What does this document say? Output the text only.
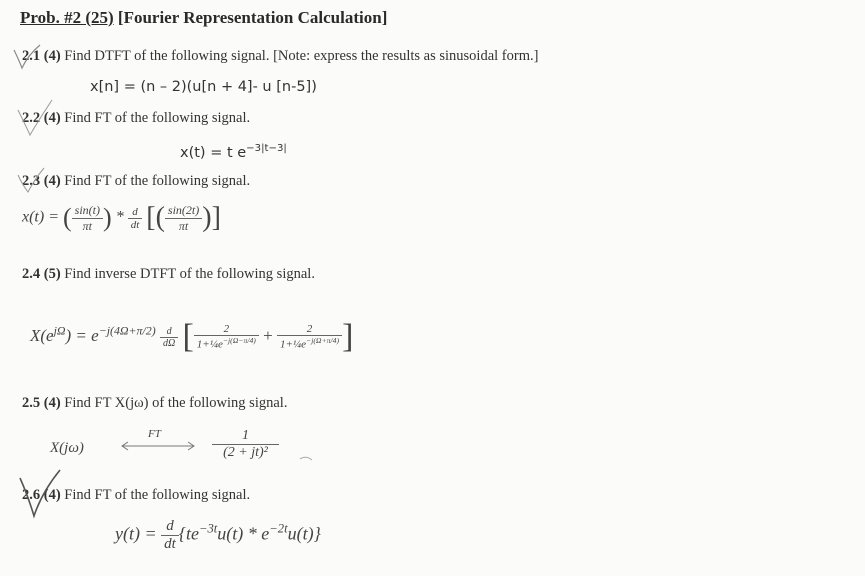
Prob. #2 (25) [Fourier Representation Calculation]
2.1 (4) Find DTFT of the following signal. [Note: express the results as sinusoidal form.]
x[n] = (n – 2)(u[n + 4]- u [n-5])
2.2 (4) Find FT of the following signal.
x(t) = t $e^{-3|t-3|}$
2.3 (4) Find FT of the following signal.
x(t) = ( $\frac{\sin(t)}{\pi t}$ ) * $\frac{d}{dt}$ [( $\frac{\sin(2t)}{\pi t}$ )]
2.4 (5) Find inverse DTFT of the following signal.
$X(e^{j\Omega}) = e^{-j(4\Omega+\pi/2)} \frac{d}{d\Omega}$ [ $\frac{2}{1+\frac{1}{4}e^{-j(\Omega-\pi/4)}} + \frac{2}{1+\frac{1}{4}e^{-j(\Omega+\pi/4)}}$ ]
2.5 (4) Find FT X(jω) of the following signal.
X(jω)
FT	$\frac{1}{\text{(2 + jt)²}}$
2.6 (4) Find FT of the following signal.
$y(t) = \frac{d}{dt} \{te^{-3t}u(t) * e^{-2t}u(t)\}$
